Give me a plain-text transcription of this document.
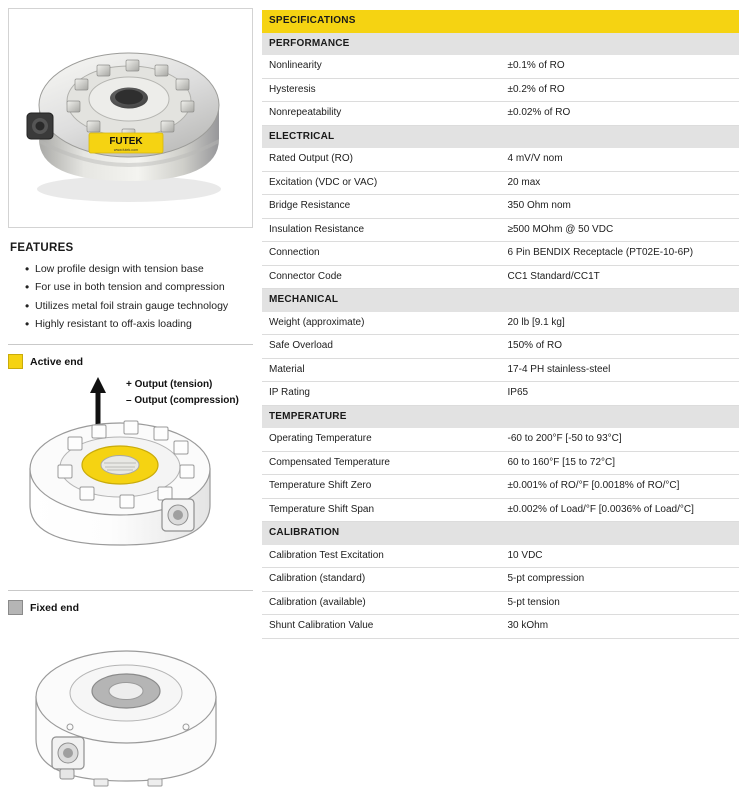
FUTEK
www.futek.com
FEATURES
• Low profile design with tension base
• For use in both tension and compression
• Utilizes metal foil strain gauge technology
• Highly resistant to off-axis loading
Active end
+ Output (tension)
– Output (compression)
Fixed end
SPECIFICATIONS	
PERFORMANCE	
Nonlinearity	±0.1% of RO
Hysteresis	±0.2% of RO
Nonrepeatability	±0.02% of RO
ELECTRICAL	
Rated Output (RO)	4 mV/V nom
Excitation (VDC or VAC)	20 max
Bridge Resistance	350 Ohm nom
Insulation Resistance	≥500 MOhm @ 50 VDC
Connection	6 Pin BENDIX Receptacle (PT02E-10-6P)
Connector Code	CC1 Standard/CC1T
MECHANICAL	
Weight (approximate)	20 lb [9.1 kg]
Safe Overload	150% of RO
Material	17-4 PH stainless-steel
IP Rating	IP65
TEMPERATURE	
Operating Temperature	-60 to 200°F [-50 to 93°C]
Compensated Temperature	60 to 160°F [15 to 72°C]
Temperature Shift Zero	±0.001% of RO/°F [0.0018% of RO/°C]
Temperature Shift Span	±0.002% of Load/°F [0.0036% of Load/°C]
CALIBRATION	
Calibration Test Excitation	10 VDC
Calibration (standard)	5-pt compression
Calibration (available)	5-pt tension
Shunt Calibration Value	30 kOhm
